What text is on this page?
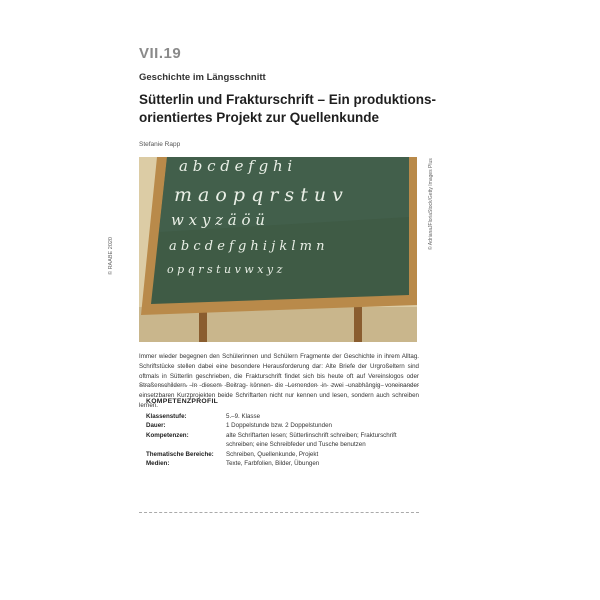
VII.19
Geschichte im Längsschnitt
Sütterlin und Frakturschrift – Ein produktionsorientiertes Projekt zur Quellenkunde
Stefanie Rapp
© RAABE 2020
© AdrianaJFloriaStock/Getty Images Plus
a b c d e f g h i
m a o p q r s t u v
w x y z ä ö ü
a b c d e f g h i j k l m n
o p q r s t u v w x y z
Immer wieder begegnen den Schülerinnen und Schülern Fragmente der Geschichte in ihrem Alltag. Schriftstücke stellen dabei eine besondere Herausforderung dar: Alte Briefe der Urgroßeltern sind oftmals in Sütterlin geschrieben, die Frakturschrift findet sich bis heute oft auf Vereinslogos oder Straßenschildern. In diesem Beitrag können die Lernenden in zwei unabhängig voneinander einsetzbaren Kurzprojekten beide Schriftarten nicht nur kennen und lesen, sondern auch schreiben lernen.
KOMPETENZPROFIL
Klassenstufe:	5.–9. Klasse
Dauer:	1 Doppelstunde bzw. 2 Doppelstunden
Kompetenzen:	alte Schriftarten lesen; Sütterlinschrift schreiben; Frakturschrift schreiben; eine Schreibfeder und Tusche benutzen
Thematische Bereiche:	Schreiben, Quellenkunde, Projekt
Medien:	Texte, Farbfolien, Bilder, Übungen
